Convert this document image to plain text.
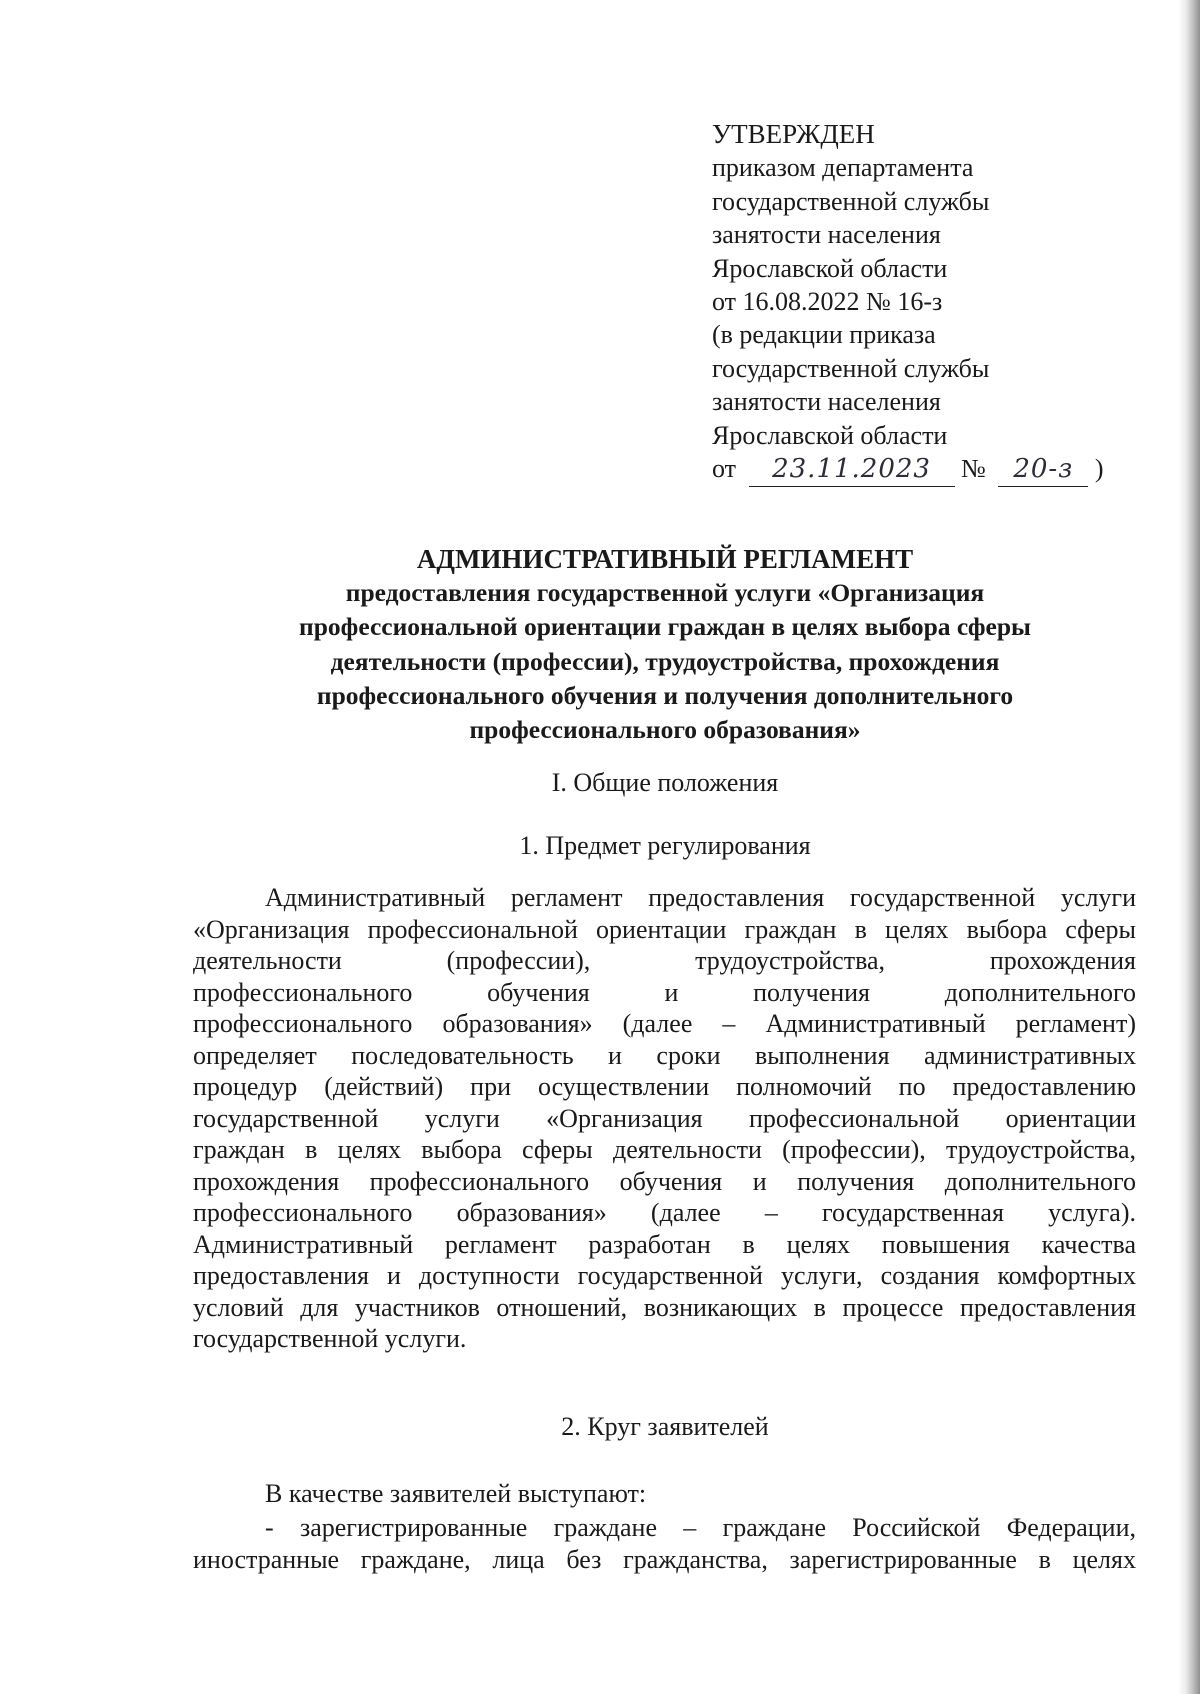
УТВЕРЖДЕН
приказом департамента
государственной службы
занятости населения
Ярославской области
от 16.08.2022 № 16-з
(в редакции приказа
государственной службы
занятости населения
Ярославской области
от 23.11.2023 № 20-з )
АДМИНИСТРАТИВНЫЙ РЕГЛАМЕНТ
предоставления государственной услуги «Организация
профессиональной ориентации граждан в целях выбора сферы
деятельности (профессии), трудоустройства, прохождения
профессионального обучения и получения дополнительного
профессионального образования»
I. Общие положения
1. Предмет регулирования
Административный регламент предоставления государственной услуги
«Организация профессиональной ориентации граждан в целях выбора сферы
деятельности (профессии), трудоустройства, прохождения
профессионального обучения и получения дополнительного
профессионального образования» (далее – Административный регламент)
определяет последовательность и сроки выполнения административных
процедур (действий) при осуществлении полномочий по предоставлению
государственной услуги «Организация профессиональной ориентации
граждан в целях выбора сферы деятельности (профессии), трудоустройства,
прохождения профессионального обучения и получения дополнительного
профессионального образования» (далее – государственная услуга).
Административный регламент разработан в целях повышения качества
предоставления и доступности государственной услуги, создания комфортных
условий для участников отношений, возникающих в процессе предоставления
государственной услуги.
2. Круг заявителей
В качестве заявителей выступают:
- зарегистрированные граждане – граждане Российской Федерации,
иностранные граждане, лица без гражданства, зарегистрированные в целях
